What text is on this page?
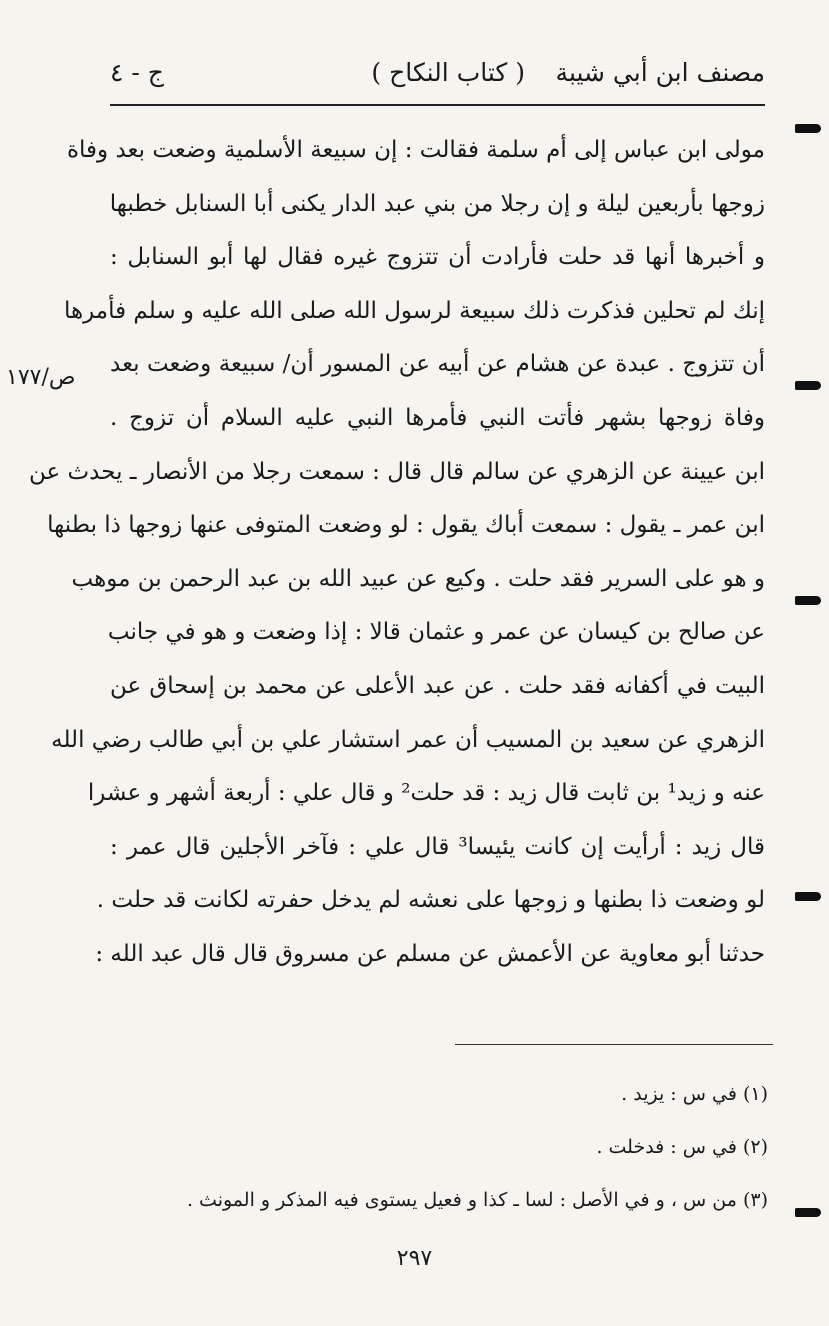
مصنف ابن أبي شيبة
( كتاب النكاح )
ج - ٤
مولى ابن عباس إلى أم سلمة فقالت : إن سبيعة الأسلمية وضعت بعد وفاة
زوجها بأربعين ليلة و إن رجلا من بني عبد الدار يكنى أبا السنابل خطبها
و أخبرها أنها قد حلت فأرادت أن تتزوج غيره فقال لها أبو السنابل :
إنك لم تحلين فذكرت ذلك سبيعة لرسول الله صلى الله عليه و سلم فأمرها
أن تتزوج . عبدة عن هشام عن أبيه عن المسور أن/ سبيعة وضعت بعد
وفاة زوجها بشهر فأتت النبي فأمرها النبي عليه السلام أن تزوج .
ابن عيينة عن الزهري عن سالم قال قال : سمعت رجلا من الأنصار ـ يحدث عن
ابن عمر ـ يقول : سمعت أباك يقول : لو وضعت المتوفى عنها زوجها ذا بطنها
و هو على السرير فقد حلت . وكيع عن عبيد الله بن عبد الرحمن بن موهب
عن صالح بن كيسان عن عمر و عثمان قالا : إذا وضعت و هو في جانب
البيت في أكفانه فقد حلت . عن عبد الأعلى عن محمد بن إسحاق عن
الزهري عن سعيد بن المسيب أن عمر استشار علي بن أبي طالب رضي الله
عنه و زيد¹ بن ثابت قال زيد : قد حلت² و قال علي : أربعة أشهر و عشرا
قال زيد : أرأيت إن كانت يئيسا³ قال علي : فآخر الأجلين قال عمر :
لو وضعت ذا بطنها و زوجها على نعشه لم يدخل حفرته لكانت قد حلت .
حدثنا أبو معاوية عن الأعمش عن مسلم عن مسروق قال قال عبد الله :
ص/١٧٧
(١) في س : يزيد .
(٢) في س : فدخلت .
(٣) من س ، و في الأصل : لسا ـ كذا و فعيل يستوى فيه المذكر و المونث .
٢٩٧
